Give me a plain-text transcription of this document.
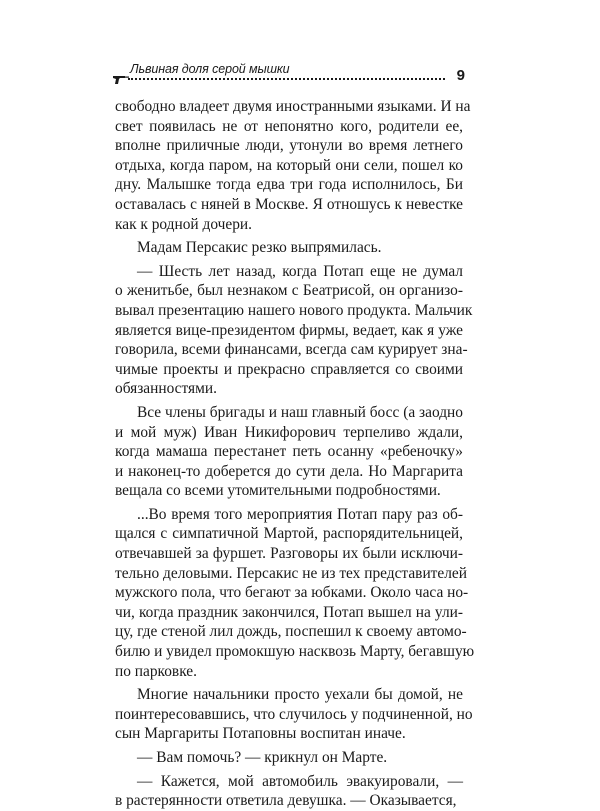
Львиная доля серой мышки	9
свободно владеет двумя иностранными языками. И на
свет появилась не от непонятно кого, родители ее,
вполне приличные люди, утонули во время летнего
отдыха, когда паром, на который они сели, пошел ко
дну. Малышке тогда едва три года исполнилось, Би
оставалась с няней в Москве. Я отношусь к невестке
как к родной дочери.
Мадам Персакис резко выпрямилась.
— Шесть лет назад, когда Потап еще не думал
о женитьбе, был незнаком с Беатрисой, он организо-
вывал презентацию нашего нового продукта. Мальчик
является вице-президентом фирмы, ведает, как я уже
говорила, всеми финансами, всегда сам курирует зна-
чимые проекты и прекрасно справляется со своими
обязанностями.
Все члены бригады и наш главный босс (а заодно
и мой муж) Иван Никифорович терпеливо ждали,
когда мамаша перестанет петь осанну «ребеночку»
и наконец-то доберется до сути дела. Но Маргарита
вещала со всеми утомительными подробностями.
...Во время того мероприятия Потап пару раз об-
щался с симпатичной Мартой, распорядительницей,
отвечавшей за фуршет. Разговоры их были исключи-
тельно деловыми. Персакис не из тех представителей
мужского пола, что бегают за юбками. Около часа но-
чи, когда праздник закончился, Потап вышел на ули-
цу, где стеной лил дождь, поспешил к своему автомо-
билю и увидел промокшую насквозь Марту, бегавшую
по парковке.
Многие начальники просто уехали бы домой, не
поинтересовавшись, что случилось у подчиненной, но
сын Маргариты Потаповны воспитан иначе.
— Вам помочь? — крикнул он Марте.
— Кажется, мой автомобиль эвакуировали, —
в растерянности ответила девушка. — Оказывается,
